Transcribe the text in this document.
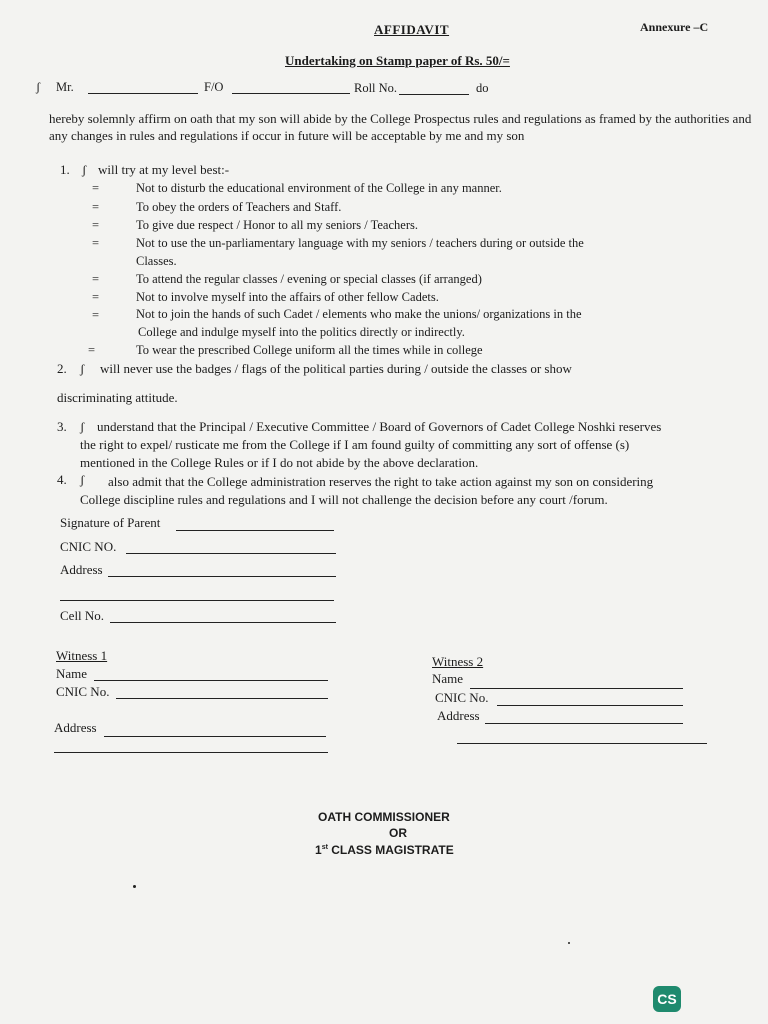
AFFIDAVIT	Annexure –C
Undertaking on Stamp paper of Rs. 50/=
ʃ Mr.	F/O	Roll No.	do
hereby solemnly affirm on oath that my son will abide by the College Prospectus rules and regulations as framed by the authorities and any changes in rules and regulations if occur in future will be acceptable by me and my son
1. ʃ will try at my level best:-
=	Not to disturb the educational environment of the College in any manner.
=	To obey the orders of Teachers and Staff.
=	To give due respect / Honor to all my seniors / Teachers.
=	Not to use the un-parliamentary language with my seniors / teachers during or outside the
Classes.
=	To attend the regular classes / evening or special classes (if arranged)
=	Not to involve myself into the affairs of other fellow Cadets.
=	Not to join the hands of such Cadet / elements who make the unions/ organizations in the
College and indulge myself into the politics directly or indirectly.
=	To wear the prescribed College uniform all the times while in college
2. ʃ will never use the badges / flags of the political parties during / outside the classes or show
discriminating attitude.
3. ʃ understand that the Principal / Executive Committee / Board of Governors of Cadet College Noshki reserves
the right to expel/ rusticate me from the College if I am found guilty of committing any sort of offense (s)
mentioned in the College Rules or if I do not abide by the above declaration.
4. ʃ also admit that the College administration reserves the right to take action against my son on considering
College discipline rules and regulations and I will not challenge the decision before any court /forum.
Signature of Parent
CNIC NO.
Address
Cell No.
Witness 1
Name
CNIC No.
Address
Witness 2
Name
CNIC No.
Address
OATH COMMISSIONER
OR
1st CLASS MAGISTRATE
CS
